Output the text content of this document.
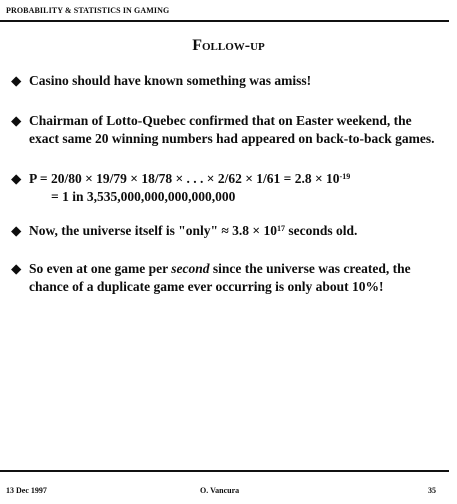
PROBABILITY & STATISTICS IN GAMING
Follow-up
◆ Casino should have known something was amiss!
◆ Chairman of Lotto-Quebec confirmed that on Easter weekend, the exact same 20 winning numbers had appeared on back-to-back games.
◆ P = 20/80 × 19/79 × 18/78 × . . . × $2/62 \times 1/61 = 2.8 \times 10^{-19}$
= 1 in 3,535,000,000,000,000,000
◆ Now, the universe itself is "only" ≈ $3.8 \times 10^{17}$ seconds old.
◆ So even at one game per second since the universe was created, the chance of a duplicate game ever occurring is only about 10%!
13 Dec 1997	O. Vancura	35
